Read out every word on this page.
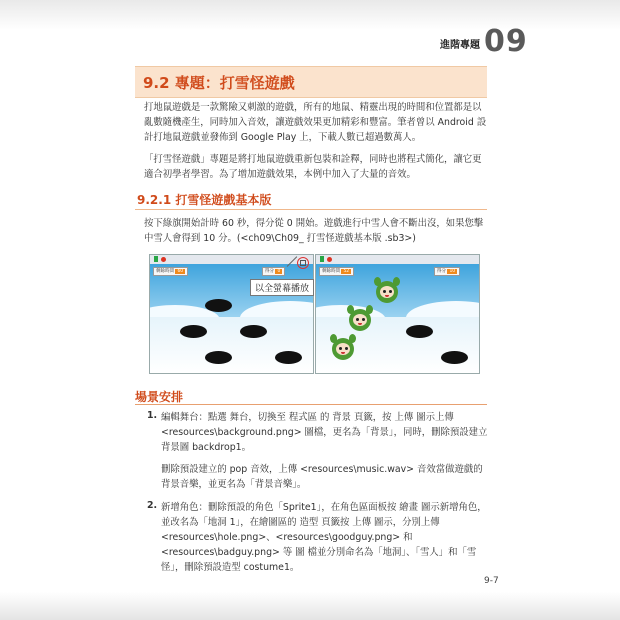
進階專題 09
9.2 專題：打雪怪遊戲
打地鼠遊戲是一款驚險又刺激的遊戲，所有的地鼠、精靈出現的時間和位置都是以亂數隨機產生，同時加入音效，讓遊戲效果更加精彩和豐富。筆者曾以 Android 設計打地鼠遊戲並發佈到 Google Play 上，下載人數已超過數萬人。
「打雪怪遊戲」專題是將打地鼠遊戲重新包裝和詮釋，同時也將程式簡化，讓它更適合初學者學習。為了增加遊戲效果，本例中加入了大量的音效。
9.2.1 打雪怪遊戲基本版
按下綠旗開始計時 60 秒，得分從 0 開始。遊戲進行中雪人會不斷出沒，如果您擊中雪人會得到 10 分。(<ch09\Ch09_ 打雪怪遊戲基本版 .sb3>)
剩餘時間 60	得分 0
以全螢幕播放
剩餘時間 52	得分 10
場景安排
1. 編輯舞台：點選 舞台，切換至 程式區 的 背景 頁籤，按 上傳 圖示上傳 <resources\background.png> 圖檔，更名為「背景」，同時，刪除預設建立背景圖 backdrop1。
刪除預設建立的 pop 音效，上傳 <resources\music.wav> 音效當做遊戲的背景音樂，並更名為「背景音樂」。
2. 新增角色：刪除預設的角色「Sprite1」，在角色區面板按 繪畫 圖示新增角色，並改名為「地洞 1」，在繪圖區的 造型 頁籤按 上傳 圖示，分別上傳 <resources\hole.png>、<resources\goodguy.png> 和 <resources\badguy.png> 等 圖 檔並分別命名為「地洞」、「雪人」和「雪怪」，刪除預設造型 costume1。
9-7
